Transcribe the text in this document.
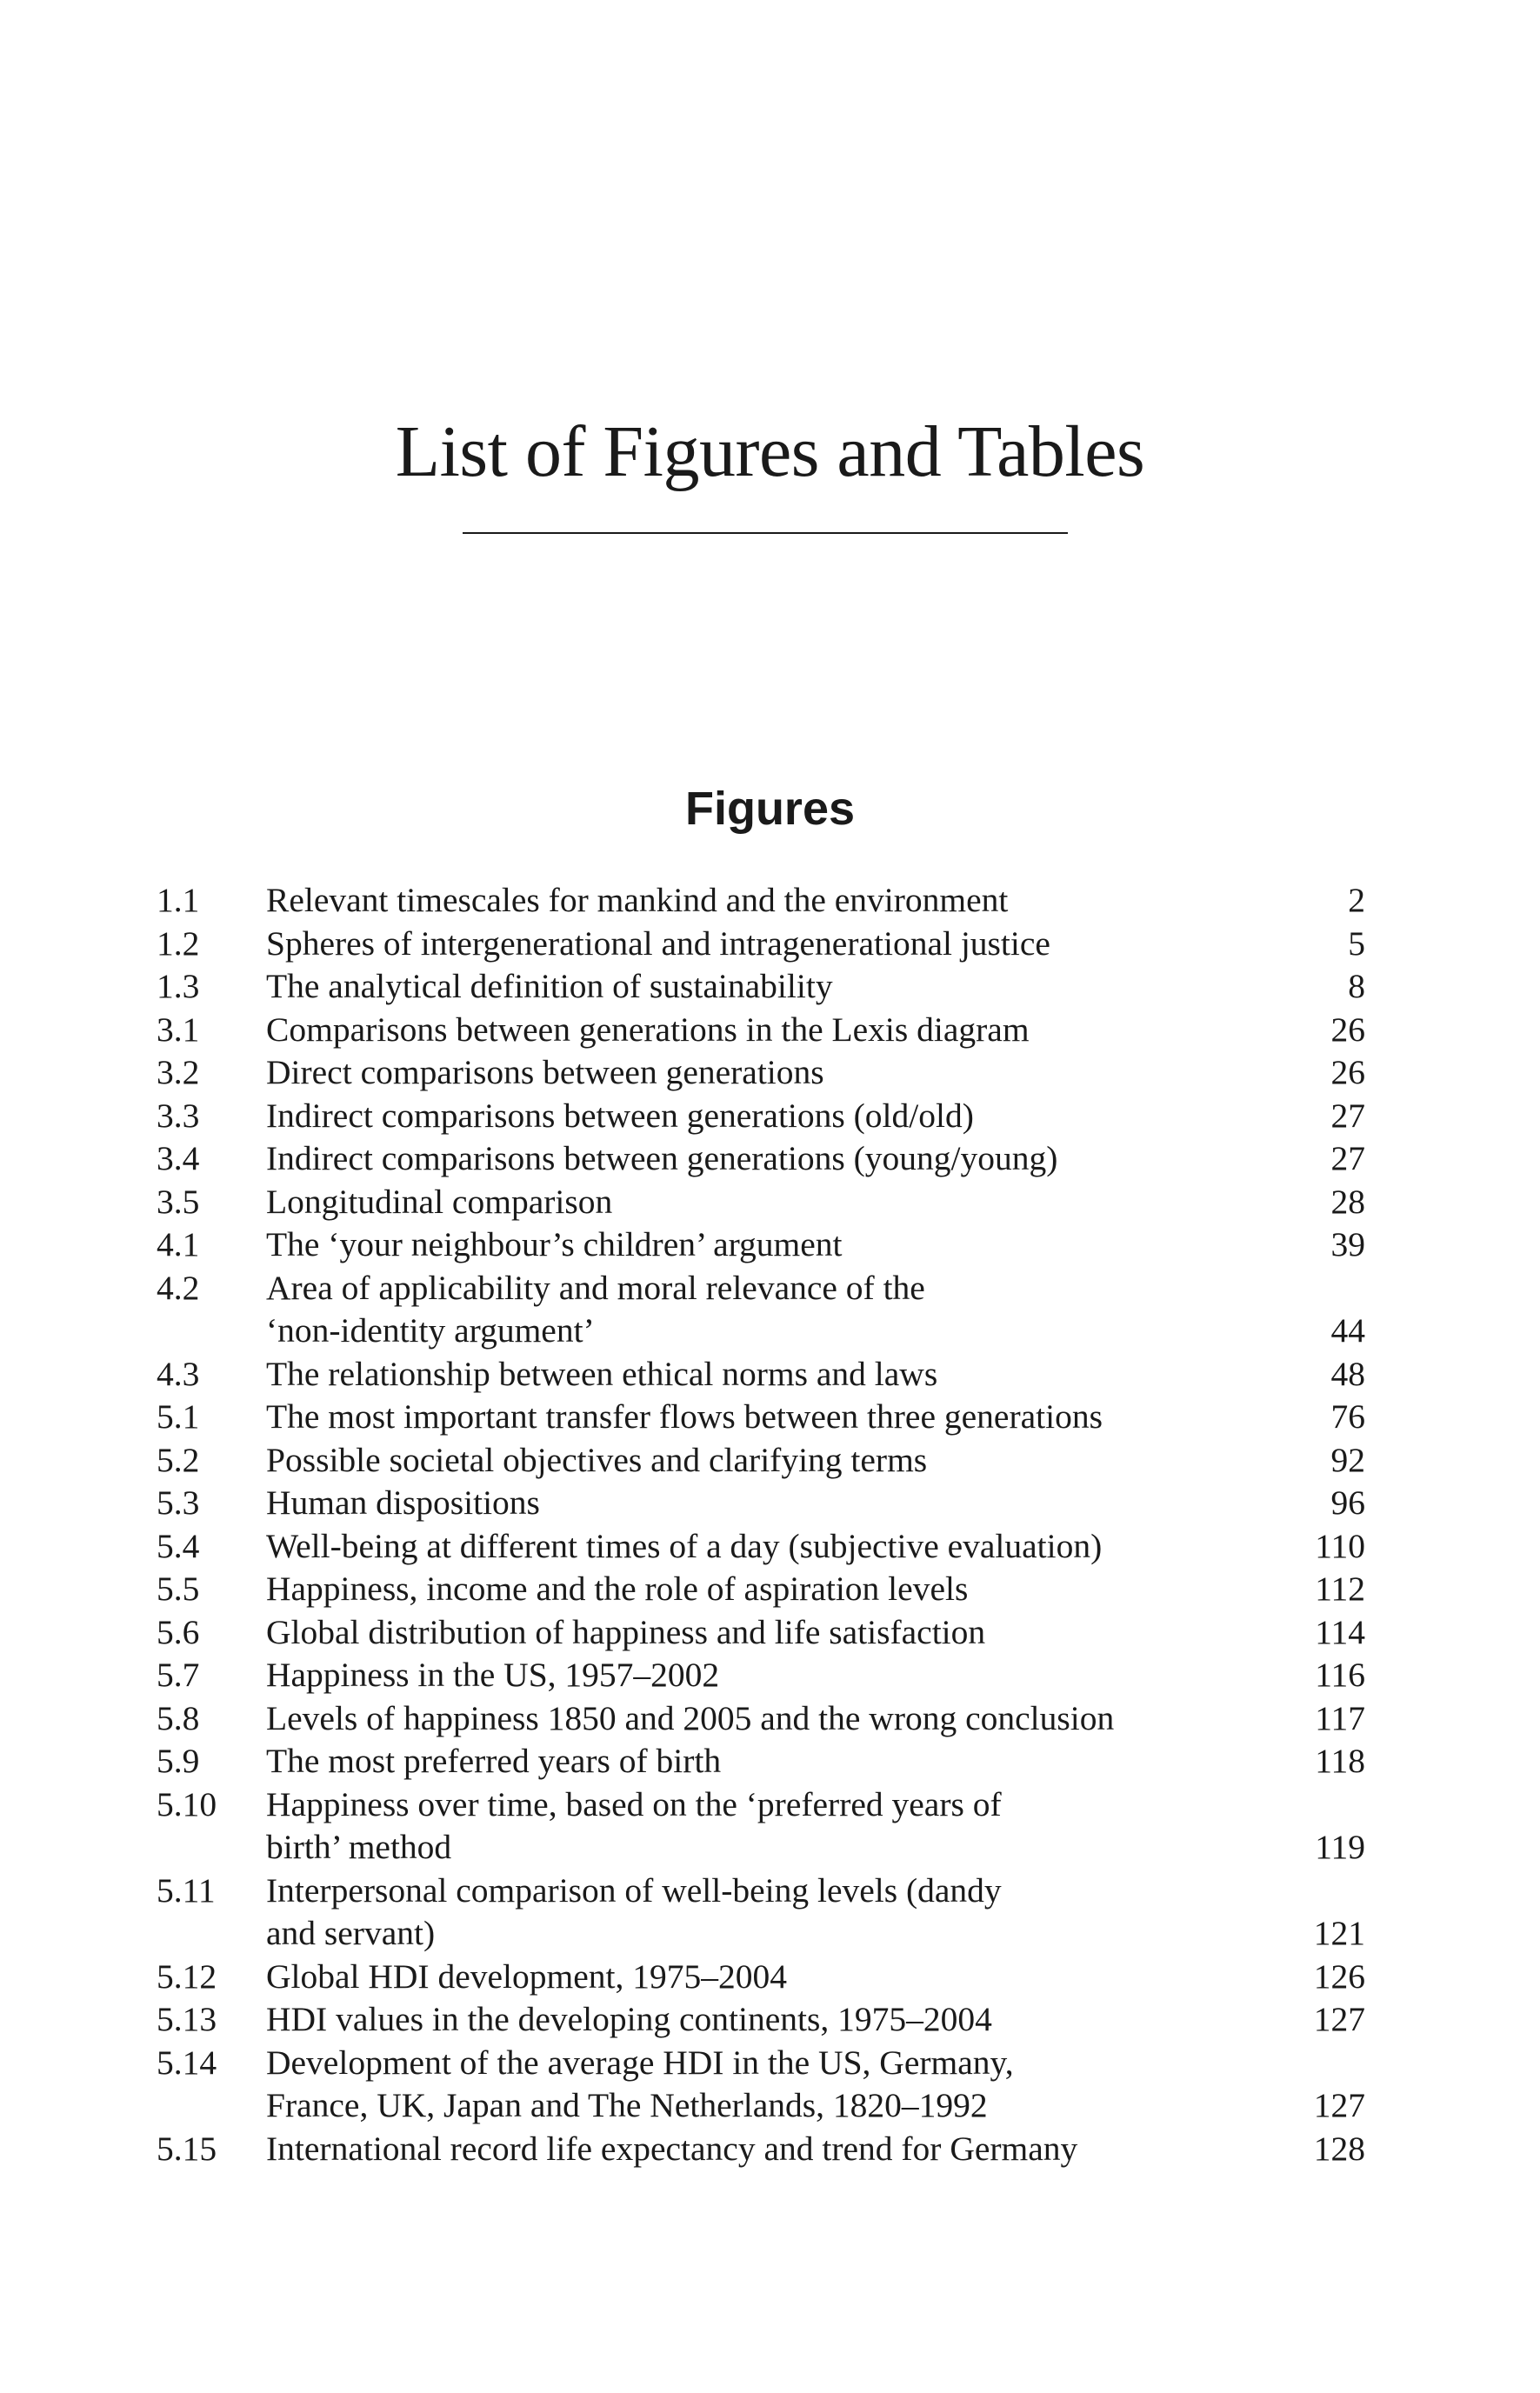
List of Figures and Tables
Figures
1.1	Relevant timescales for mankind and the environment	2
1.2	Spheres of intergenerational and intragenerational justice	5
1.3	The analytical definition of sustainability	8
3.1	Comparisons between generations in the Lexis diagram	26
3.2	Direct comparisons between generations	26
3.3	Indirect comparisons between generations (old/old)	27
3.4	Indirect comparisons between generations (young/young)	27
3.5	Longitudinal comparison	28
4.1	The ‘your neighbour’s children’ argument	39
4.2	Area of applicability and moral relevance of the
‘non-identity argument’	44
4.3	The relationship between ethical norms and laws	48
5.1	The most important transfer flows between three generations	76
5.2	Possible societal objectives and clarifying terms	92
5.3	Human dispositions	96
5.4	Well-being at different times of a day (subjective evaluation)	110
5.5	Happiness, income and the role of aspiration levels	112
5.6	Global distribution of happiness and life satisfaction	114
5.7	Happiness in the US, 1957–2002	116
5.8	Levels of happiness 1850 and 2005 and the wrong conclusion	117
5.9	The most preferred years of birth	118
5.10	Happiness over time, based on the ‘preferred years of
birth’ method	119
5.11	Interpersonal comparison of well-being levels (dandy
and servant)	121
5.12	Global HDI development, 1975–2004	126
5.13	HDI values in the developing continents, 1975–2004	127
5.14	Development of the average HDI in the US, Germany,
France, UK, Japan and The Netherlands, 1820–1992	127
5.15	International record life expectancy and trend for Germany	128
